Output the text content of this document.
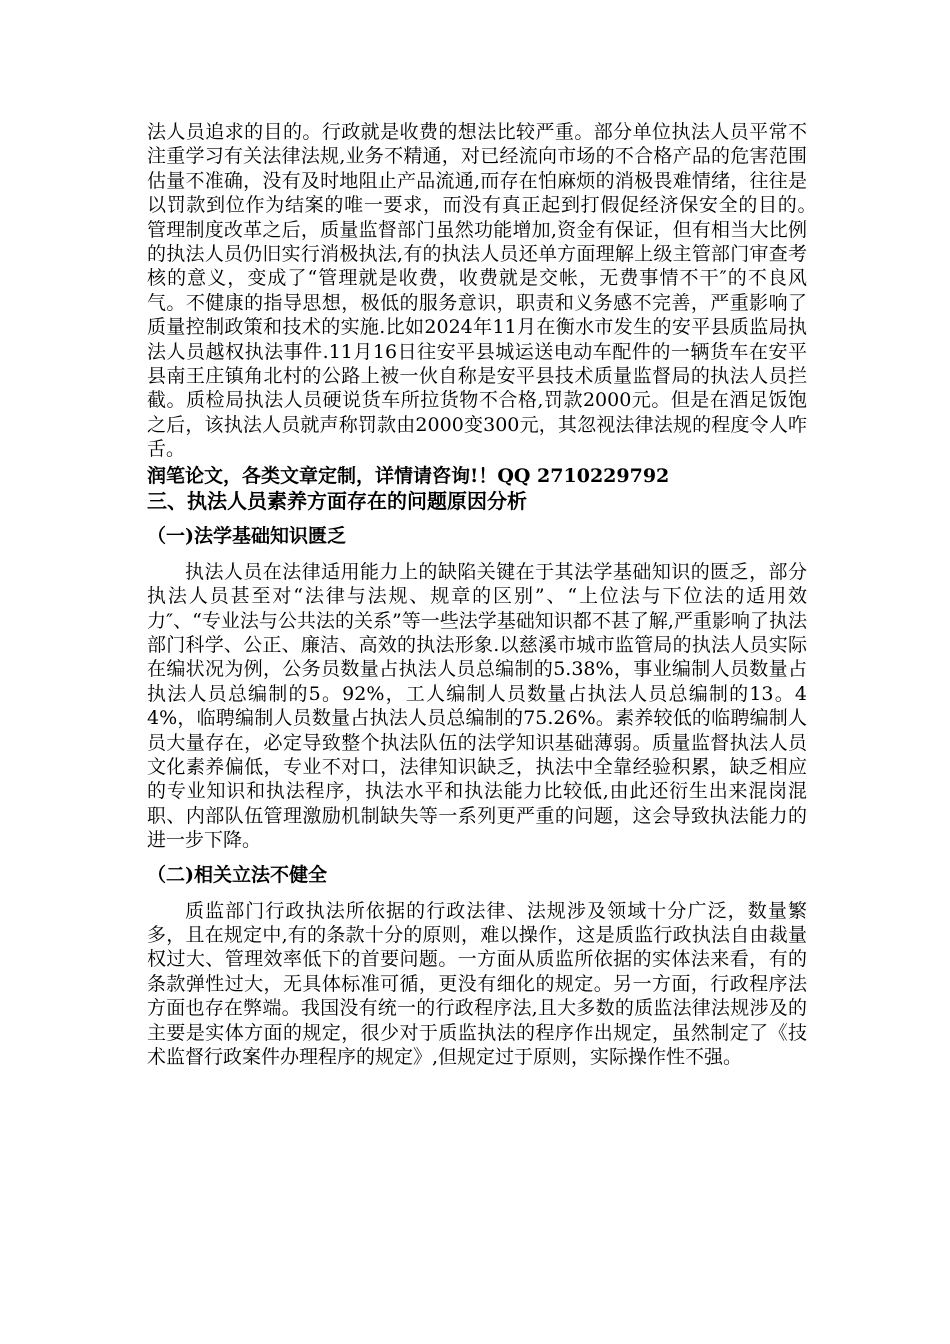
法人员追求的目的。行政就是收费的想法比较严重。部分单位执法人员平常不注重学习有关法律法规,业务不精通，对已经流向市场的不合格产品的危害范围估量不准确，没有及时地阻止产品流通,而存在怕麻烦的消极畏难情绪，往往是以罚款到位作为结案的唯一要求，而没有真正起到打假促经济保安全的目的。　管理制度改革之后，质量监督部门虽然功能增加,资金有保证，但有相当大比例的执法人员仍旧实行消极执法,有的执法人员还单方面理解上级主管部门审查考核的意义，变成了“管理就是收费，收费就是交帐，无费事情不干″的不良风气。不健康的指导思想，极低的服务意识，职责和义务感不完善，严重影响了质量控制政策和技术的实施.比如2024年11月在衡水市发生的安平县质监局执法人员越权执法事件.11月16日往安平县城运送电动车配件的一辆货车在安平县南王庄镇角北村的公路上被一伙自称是安平县技术质量监督局的执法人员拦截。质检局执法人员硬说货车所拉货物不合格,罚款2000元。但是在酒足饭饱之后，该执法人员就声称罚款由2000变300元，其忽视法律法规的程度令人咋舌。

润笔论文，各类文章定制，详情请咨询!！QQ 2710229792

三、执法人员素养方面存在的问题原因分析

（一)法学基础知识匮乏

执法人员在法律适用能力上的缺陷关键在于其法学基础知识的匮乏，部分执法人员甚至对“法律与法规、规章的区别”、“上位法与下位法的适用效力″、“专业法与公共法的关系”等一些法学基础知识都不甚了解,严重影响了执法部门科学、公正、廉洁、高效的执法形象.以慈溪市城市监管局的执法人员实际在编状况为例，公务员数量占执法人员总编制的5.38%，事业编制人员数量占执法人员总编制的5。92%，工人编制人员数量占执法人员总编制的13。44%，临聘编制人员数量占执法人员总编制的75.26%。素养较低的临聘编制人员大量存在，必定导致整个执法队伍的法学知识基础薄弱。质量监督执法人员文化素养偏低，专业不对口，法律知识缺乏，执法中全靠经验积累，缺乏相应的专业知识和执法程序，执法水平和执法能力比较低,由此还衍生出来混岗混职、内部队伍管理激励机制缺失等一系列更严重的问题，这会导致执法能力的进一步下降。

（二)相关立法不健全

质监部门行政执法所依据的行政法律、法规涉及领域十分广泛，数量繁多，且在规定中,有的条款十分的原则，难以操作，这是质监行政执法自由裁量权过大、管理效率低下的首要问题。一方面从质监所依据的实体法来看，有的条款弹性过大，无具体标准可循，更没有细化的规定。另一方面，行政程序法方面也存在弊端。我国没有统一的行政程序法,且大多数的质监法律法规涉及的主要是实体方面的规定，很少对于质监执法的程序作出规定，虽然制定了《技术监督行政案件办理程序的规定》,但规定过于原则，实际操作性不强。
